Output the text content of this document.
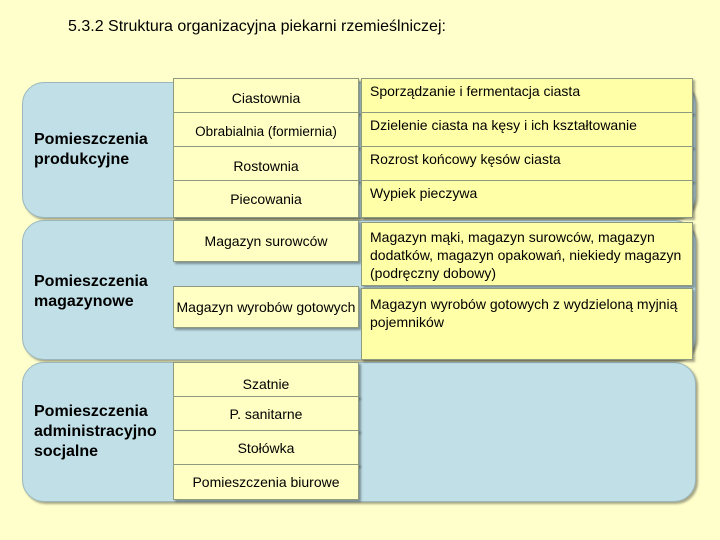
5.3.2 Struktura organizacyjna piekarni rzemieślniczej:
Pomieszczenia
produkcyjne
Pomieszczenia
magazynowe
Pomieszczenia
administracyjno
socjalne
Ciastownia
Obrabialnia (formiernia)
Rostownia
Piecowania
Sporządzanie i fermentacja ciasta
Dzielenie ciasta na kęsy i ich kształtowanie
Rozrost końcowy kęsów ciasta
Wypiek pieczywa
Magazyn surowców
Magazyn wyrobów gotowych
Magazyn mąki, magazyn surowców, magazyn dodatków, magazyn opakowań, niekiedy magazyn (podręczny dobowy)
Magazyn wyrobów gotowych z wydzieloną myjnią pojemników
Szatnie
P. sanitarne
Stołówka
Pomieszczenia biurowe
